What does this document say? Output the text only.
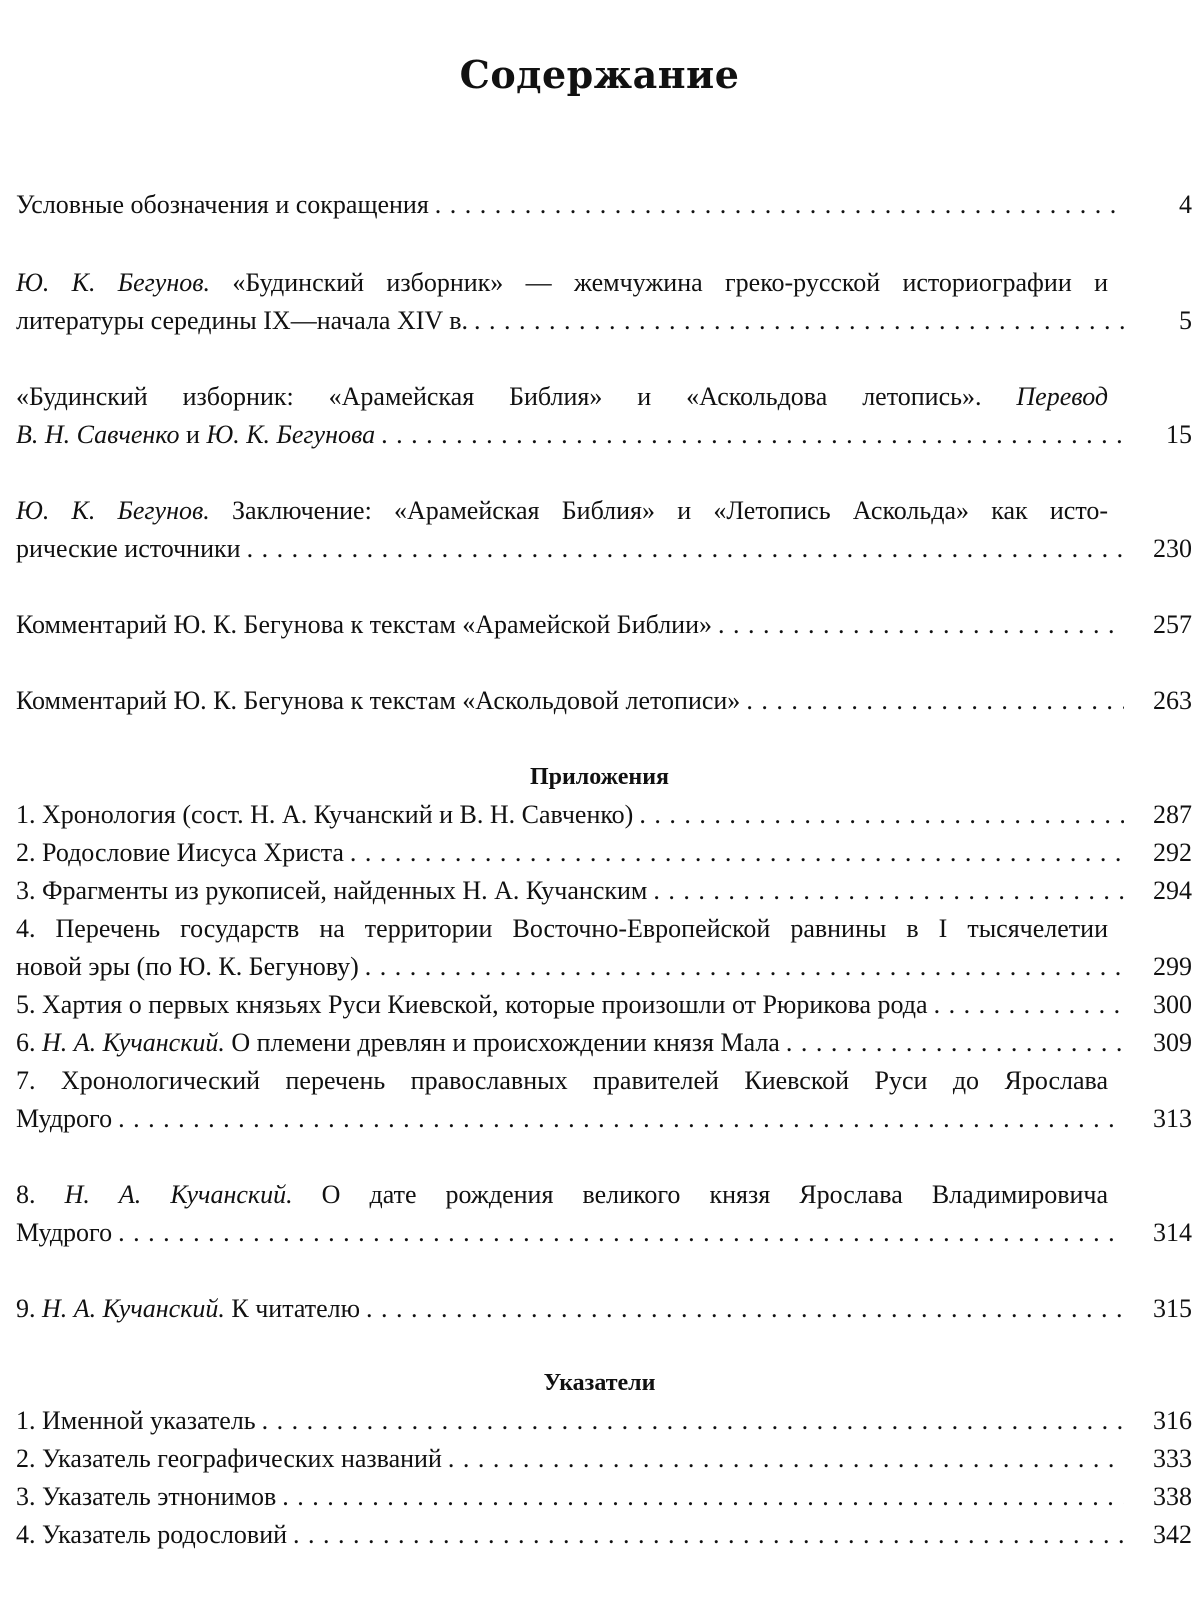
Содержание
Условные обозначения и сокращения . . .	4
Ю. К. Бегунов. «Будинский изборник» — жемчужина греко-русской историографии и
литературы середины IX—начала XIV в. . . .	5
«Будинский изборник: «Арамейская Библия» и «Аскольдова летопись». Перевод
В. Н. Савченко и Ю. К. Бегунова . . .	15
Ю. К. Бегунов. Заключение: «Арамейская Библия» и «Летопись Аскольда» как исто-
рические источники . . .	230
Комментарий Ю. К. Бегунова к текстам «Арамейской Библии» . . .	257
Комментарий Ю. К. Бегунова к текстам «Аскольдовой летописи» . . .	263
Приложения
1. Хронология (сост. Н. А. Кучанский и В. Н. Савченко) . . .	287
2. Родословие Иисуса Христа . . .	292
3. Фрагменты из рукописей, найденных Н. А. Кучанским . . .	294
4. Перечень государств на территории Восточно-Европейской равнины в I тысячелетии
новой эры (по Ю. К. Бегунову) . . .	299
5. Хартия о первых князьях Руси Киевской, которые произошли от Рюрикова рода . . .	300
6. Н. А. Кучанский. О племени древлян и происхождении князя Мала . . .	309
7. Хронологический перечень православных правителей Киевской Руси до Ярослава
Мудрого . . .	313
8. Н. А. Кучанский. О дате рождения великого князя Ярослава Владимировича
Мудрого . . .	314
9. Н. А. Кучанский. К читателю . . .	315
Указатели
1. Именной указатель . . .	316
2. Указатель географических названий . . .	333
3. Указатель этнонимов . . .	338
4. Указатель родословий . . .	342
